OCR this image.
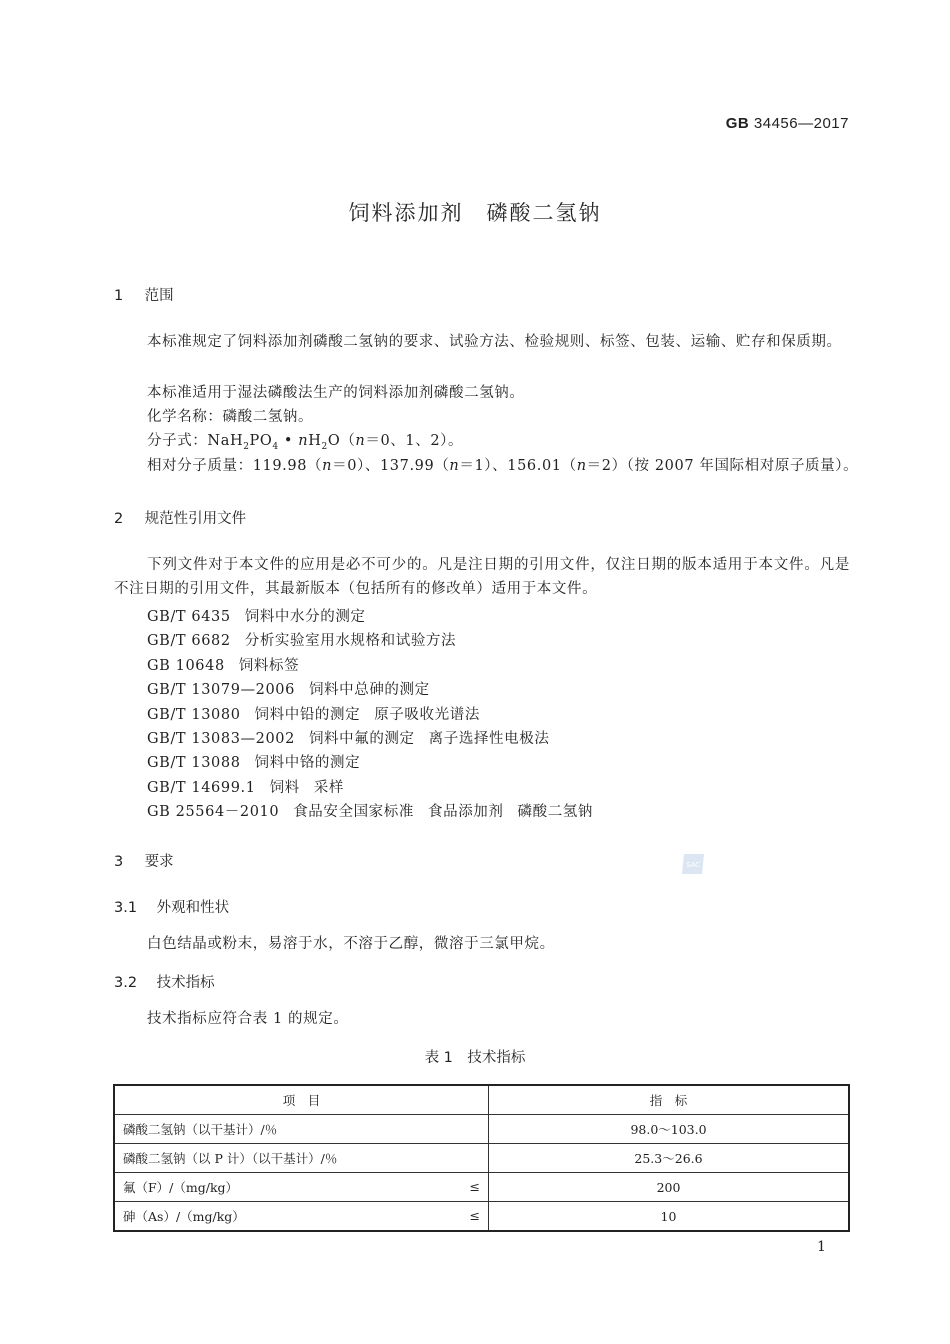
GB 34456—2017
饲料添加剂　磷酸二氢钠
1 范围
本标准规定了饲料添加剂磷酸二氢钠的要求、试验方法、检验规则、标签、包装、运输、贮存和保质期。
本标准适用于湿法磷酸法生产的饲料添加剂磷酸二氢钠。
化学名称：磷酸二氢钠。
分子式：$NaH_2PO_4$ • $nH_2O(n=0$、1、2）。
相对分子质量：119.98（n＝0）、137.99（n＝1）、156.01（n＝2）（按 2007 年国际相对原子质量）。
2 规范性引用文件
下列文件对于本文件的应用是必不可少的。凡是注日期的引用文件，仅注日期的版本适用于本文件。凡是不注日期的引用文件，其最新版本（包括所有的修改单）适用于本文件。
GB/T 6435 饲料中水分的测定
GB/T 6682 分析实验室用水规格和试验方法
GB 10648 饲料标签
GB/T 13079—2006 饲料中总砷的测定
GB/T 13080 饲料中铅的测定 原子吸收光谱法
GB/T 13083—2002 饲料中氟的测定 离子选择性电极法
GB/T 13088 饲料中铬的测定
GB/T 14699.1 饲料 采样
GB 25564－2010 食品安全国家标准 食品添加剂 磷酸二氢钠
3 要求	SAC
3.1 外观和性状
白色结晶或粉末，易溶于水，不溶于乙醇，微溶于三氯甲烷。
3.2 技术指标
技术指标应符合表 1 的规定。
表 1　技术指标
项　目	指　标
磷酸二氢钠（以干基计）/％	98.0～103.0
磷酸二氢钠（以 P 计）（以干基计）/％	25.3～26.6
氟（F）/（mg/kg） ≤	200
砷（As）/（mg/kg） ≤	10
1
